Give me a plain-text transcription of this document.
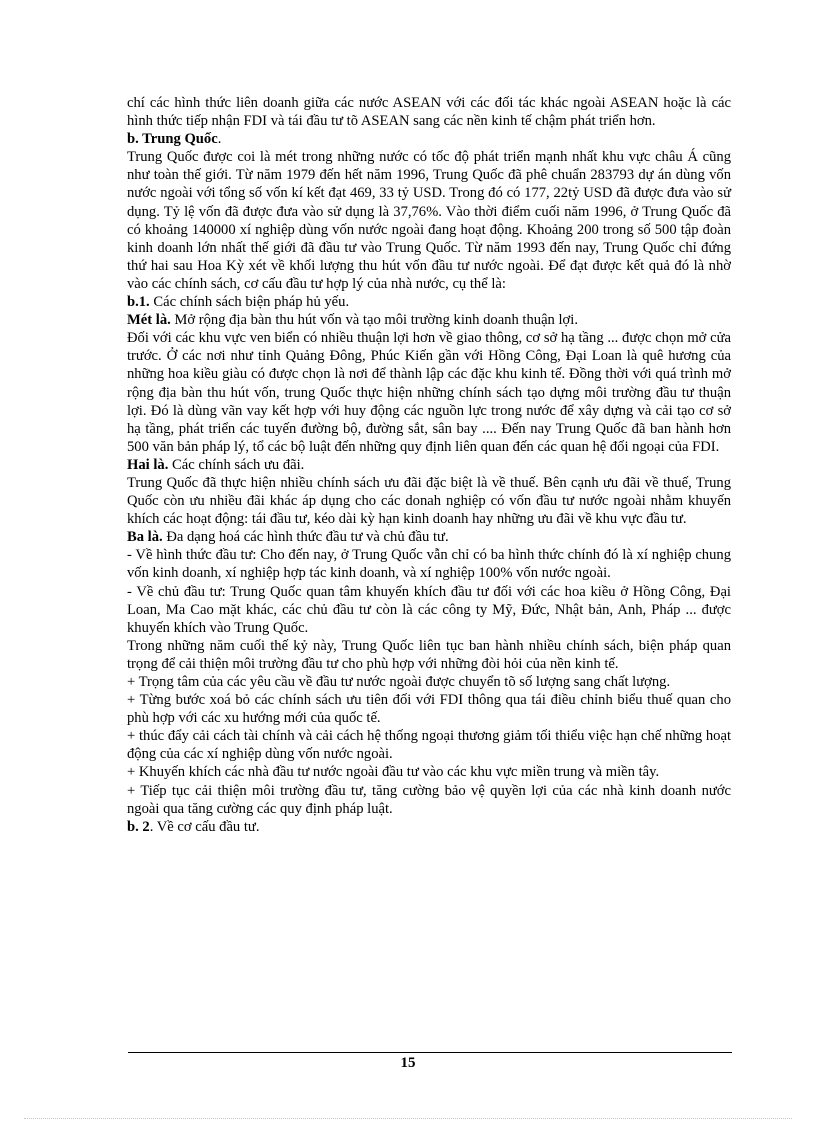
chí các hình thức liên doanh giữa các nước ASEAN với các đối tác khác ngoài ASEAN hoặc là các hình thức tiếp nhận FDI và tái đầu tư tõ ASEAN sang các nền kinh tế chậm phát triển hơn.

b. Trung Quốc.

Trung Quốc được coi là mét trong những nước có tốc độ phát triển mạnh nhất khu vực châu Á cũng như toàn thế giới. Từ năm 1979 đến hết năm 1996, Trung Quốc đã phê chuẩn 283793 dự án dùng vốn nước ngoài với tổng số vốn kí kết đạt 469, 33 tỷ USD. Trong đó có 177, 22tỷ USD đã được đưa vào sử dụng. Tỷ lệ vốn đã được đưa vào sử dụng là 37,76%. Vào thời điểm cuối năm 1996, ở Trung Quốc đã có khoảng 140000 xí nghiệp dùng vốn nước ngoài đang hoạt động. Khoảng 200 trong số 500 tập đoàn kinh doanh lớn nhất thế giới đã đầu tư vào Trung Quốc. Từ năm 1993 đến nay, Trung Quốc chỉ đứng thứ hai sau Hoa Kỳ xét về khối lượng thu hút vốn đầu tư nước ngoài. Để đạt được kết quả đó là nhờ vào các chính sách, cơ cấu đầu tư hợp lý của nhà nước, cụ thể là:

b.1. Các chính sách biện pháp hủ yếu.

Mét là. Mở rộng địa bàn thu hút vốn và tạo môi trường kinh doanh thuận lợi.

Đối với các khu vực ven biển có nhiều thuận lợi hơn về giao thông, cơ sở hạ tầng ... được chọn mở cửa trước. Ở các nơi như tỉnh Quảng Đông, Phúc Kiến gần với Hồng Công, Đại Loan là quê hương của những hoa kiều giàu có được chọn là nơi để thành lập các đặc khu kinh tế. Đồng thời với quá trình mở rộng địa bàn thu hút vốn, trung Quốc thực hiện những chính sách tạo dựng môi trường đầu tư thuận lợi. Đó là dùng vãn vay kết hợp với huy động các nguồn lực trong nước để xây dựng và cải tạo cơ sở hạ tầng, phát triển các tuyến đường bộ, đường sắt, sân bay .... Đến nay Trung Quốc đã ban hành hơn 500 văn bản pháp lý, tổ các bộ luật đến những quy định liên quan đến các quan hệ đối ngoại của FDI.

Hai là. Các chính sách ưu đãi.

Trung Quốc đã thực hiện nhiều chính sách ưu đãi đặc biệt là về thuế. Bên cạnh ưu đãi về thuế, Trung Quốc còn ưu nhiều đãi khác áp dụng cho các donah nghiệp có vốn đầu tư nước ngoài nhằm khuyến khích các hoạt động: tái đầu tư, kéo dài kỳ hạn kinh doanh hay những ưu đãi về khu vực đầu tư.

Ba là. Đa dạng hoá các hình thức đầu tư và chủ đầu tư.

- Về hình thức đầu tư: Cho đến nay, ở Trung Quốc vẫn chỉ có ba hình thức chính đó là xí nghiệp chung vốn kinh doanh, xí nghiệp hợp tác kinh doanh, và xí nghiệp 100% vốn nước ngoài.

- Về chủ đầu tư: Trung Quốc quan tâm khuyến khích đầu tư đối với các hoa kiều ở Hồng Công, Đại Loan, Ma Cao mặt khác, các chủ đầu tư còn là các công ty Mỹ, Đức, Nhật bản, Anh, Pháp ... được khuyến khích vào Trung Quốc.

Trong những năm cuối thế kỷ này, Trung Quốc liên tục ban hành nhiều chính sách, biện pháp quan trọng để cải thiện môi trường đầu tư cho phù hợp với những đòi hỏi của nền kinh tế.

+ Trọng tâm của các yêu cầu về đầu tư nước ngoài được chuyển tõ số lượng sang chất lượng.

+ Từng bước xoá bỏ các chính sách ưu tiên đối với FDI thông qua tái điều chỉnh biểu thuế quan cho phù hợp với các xu hướng mới của quốc tế.

+ thúc đẩy cải cách tài chính và cải cách hệ thống ngoại thương giảm tối thiểu việc hạn chế những hoạt động của các xí nghiệp dùng vốn nước ngoài.

+ Khuyến khích các nhà đầu tư nước ngoài đầu tư vào các khu vực miền trung và miền tây.

+ Tiếp tục cải thiện môi trường đầu tư, tăng cường bảo vệ quyền lợi của các nhà kinh doanh nước ngoài qua tăng cường các quy định pháp luật.

b. 2. Về cơ cấu đầu tư.

15
